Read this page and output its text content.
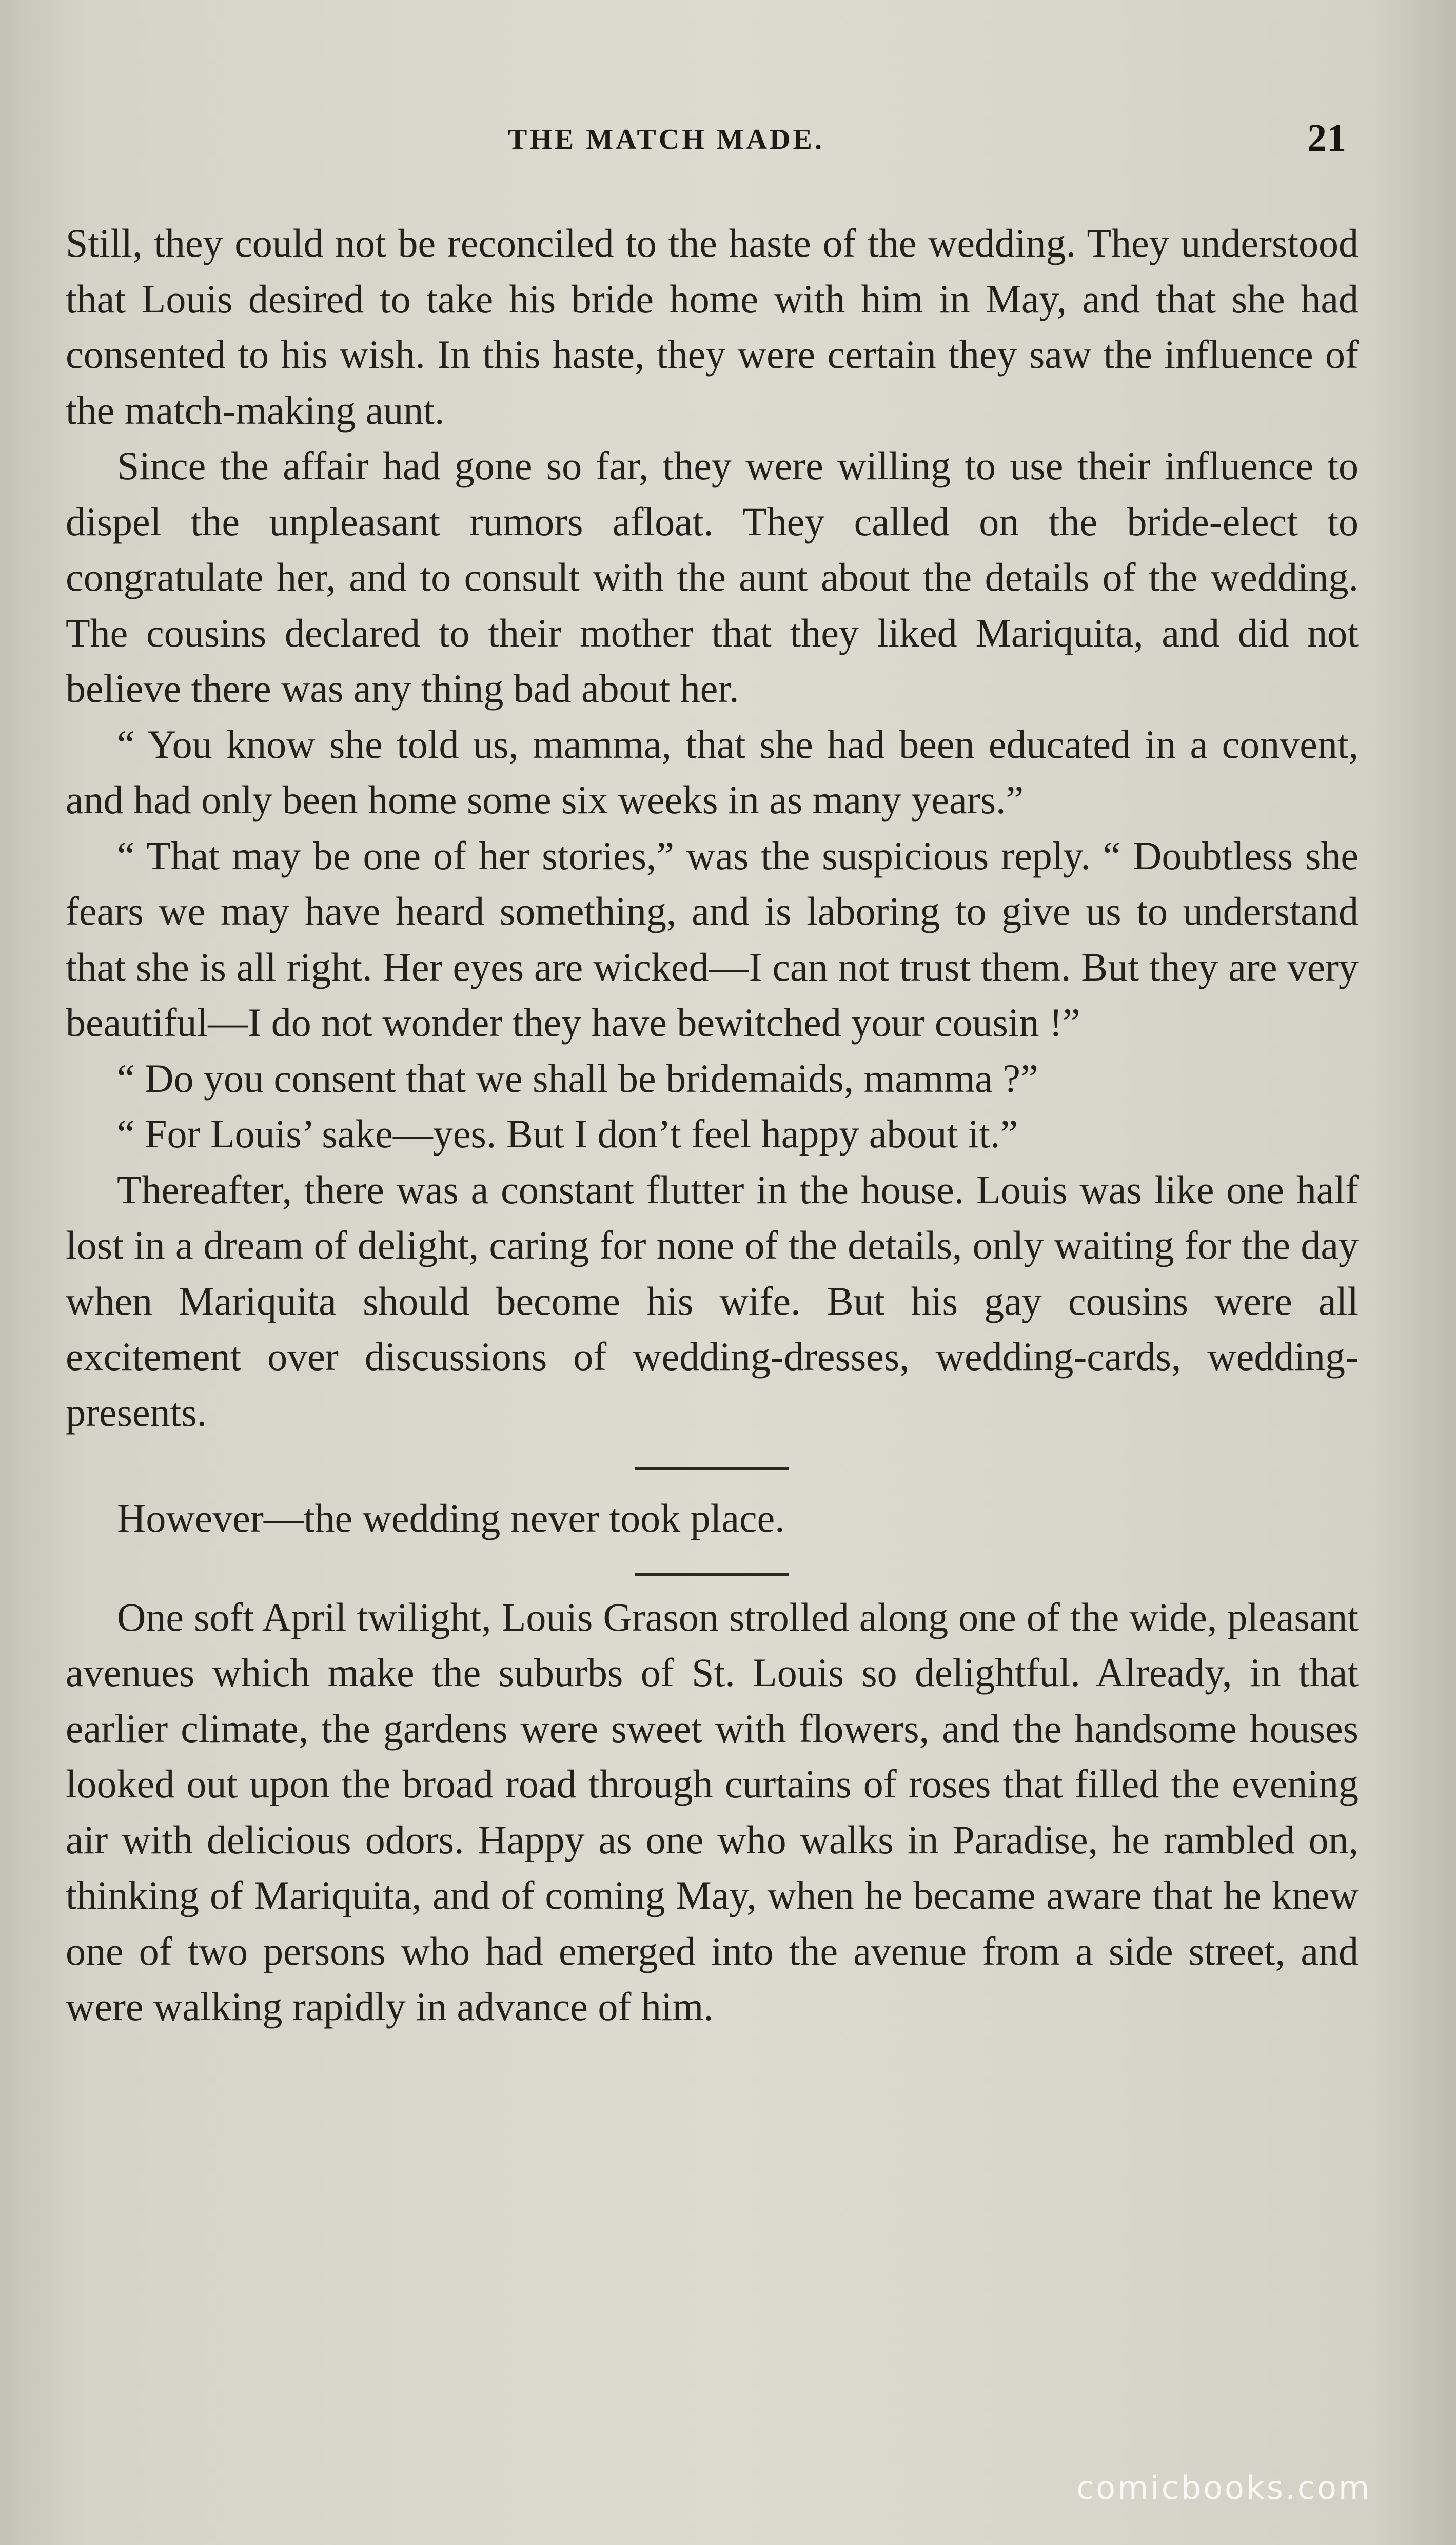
THE MATCH MADE.	21

Still, they could not be reconciled to the haste of the wedding. They understood that Louis desired to take his bride home with him in May, and that she had consented to his wish. In this haste, they were certain they saw the influence of the match-making aunt.

Since the affair had gone so far, they were willing to use their influence to dispel the unpleasant rumors afloat. They called on the bride-elect to congratulate her, and to consult with the aunt about the details of the wedding. The cousins declared to their mother that they liked Mariquita, and did not believe there was any thing bad about her.

“ You know she told us, mamma, that she had been educated in a convent, and had only been home some six weeks in as many years.”

“ That may be one of her stories,” was the suspicious reply. “ Doubtless she fears we may have heard something, and is laboring to give us to understand that she is all right. Her eyes are wicked—I can not trust them. But they are very beautiful—I do not wonder they have bewitched your cousin !”

“ Do you consent that we shall be bridemaids, mamma ?”

“ For Louis’ sake—yes. But I don’t feel happy about it.”

Thereafter, there was a constant flutter in the house. Louis was like one half lost in a dream of delight, caring for none of the details, only waiting for the day when Mariquita should become his wife. But his gay cousins were all excitement over discussions of wedding-dresses, wedding-cards, wedding-presents.

However—the wedding never took place.

One soft April twilight, Louis Grason strolled along one of the wide, pleasant avenues which make the suburbs of St. Louis so delightful. Already, in that earlier climate, the gardens were sweet with flowers, and the handsome houses looked out upon the broad road through curtains of roses that filled the evening air with delicious odors. Happy as one who walks in Paradise, he rambled on, thinking of Mariquita, and of coming May, when he became aware that he knew one of two persons who had emerged into the avenue from a side street, and were walking rapidly in advance of him.

comicbooks.com
